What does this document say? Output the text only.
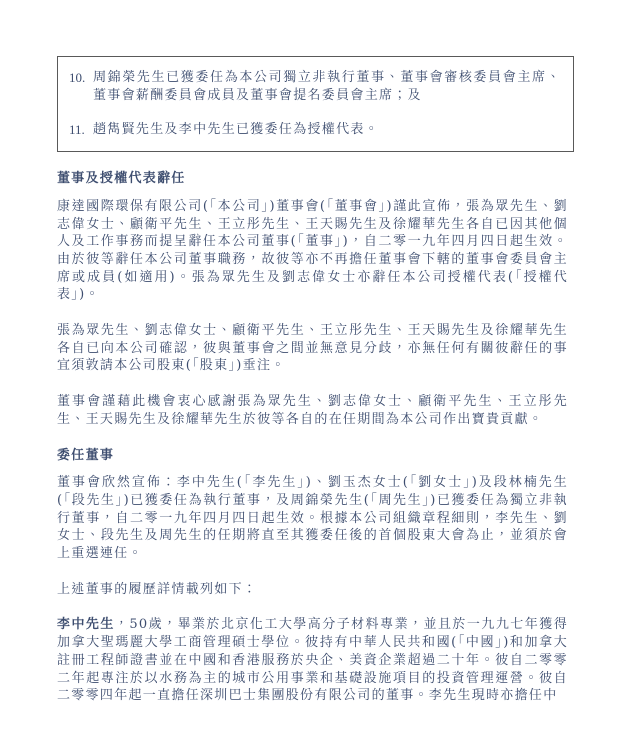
10. 周錦榮先生已獲委任為本公司獨立非執行董事、董事會審核委員會主席、董事會薪酬委員會成員及董事會提名委員會主席；及
11. 趙雋賢先生及李中先生已獲委任為授權代表。
董事及授權代表辭任

康達國際環保有限公司(「本公司」)董事會(「董事會」)謹此宣佈，張為眾先生、劉志偉女士、顧衛平先生、王立彤先生、王天賜先生及徐耀華先生各自已因其他個人及工作事務而提呈辭任本公司董事(「董事」)，自二零一九年四月四日起生效。由於彼等辭任本公司董事職務，故彼等亦不再擔任董事會下轄的董事會委員會主席或成員(如適用)。張為眾先生及劉志偉女士亦辭任本公司授權代表(「授權代表」)。

張為眾先生、劉志偉女士、顧衛平先生、王立彤先生、王天賜先生及徐耀華先生各自已向本公司確認，彼與董事會之間並無意見分歧，亦無任何有關彼辭任的事宜須敦請本公司股東(「股東」)垂注。

董事會謹藉此機會衷心感謝張為眾先生、劉志偉女士、顧衛平先生、王立彤先生、王天賜先生及徐耀華先生於彼等各自的在任期間為本公司作出寶貴貢獻。

委任董事

董事會欣然宣佈：李中先生(「李先生」)、劉玉杰女士(「劉女士」)及段林楠先生(「段先生」)已獲委任為執行董事，及周錦榮先生(「周先生」)已獲委任為獨立非執行董事，自二零一九年四月四日起生效。根據本公司組織章程細則，李先生、劉女士、段先生及周先生的任期將直至其獲委任後的首個股東大會為止，並須於會上重選連任。

上述董事的履歷詳情載列如下：

李中先生，50歲，畢業於北京化工大學高分子材料專業，並且於一九九七年獲得加拿大聖瑪麗大學工商管理碩士學位。彼持有中華人民共和國(「中國」)和加拿大註冊工程師證書並在中國和香港服務於央企、美資企業超過二十年。彼自二零零二年起專注於以水務為主的城市公用事業和基礎設施項目的投資管理運營。彼自二零零四年起一直擔任深圳巴士集團股份有限公司的董事。李先生現時亦擔任中
